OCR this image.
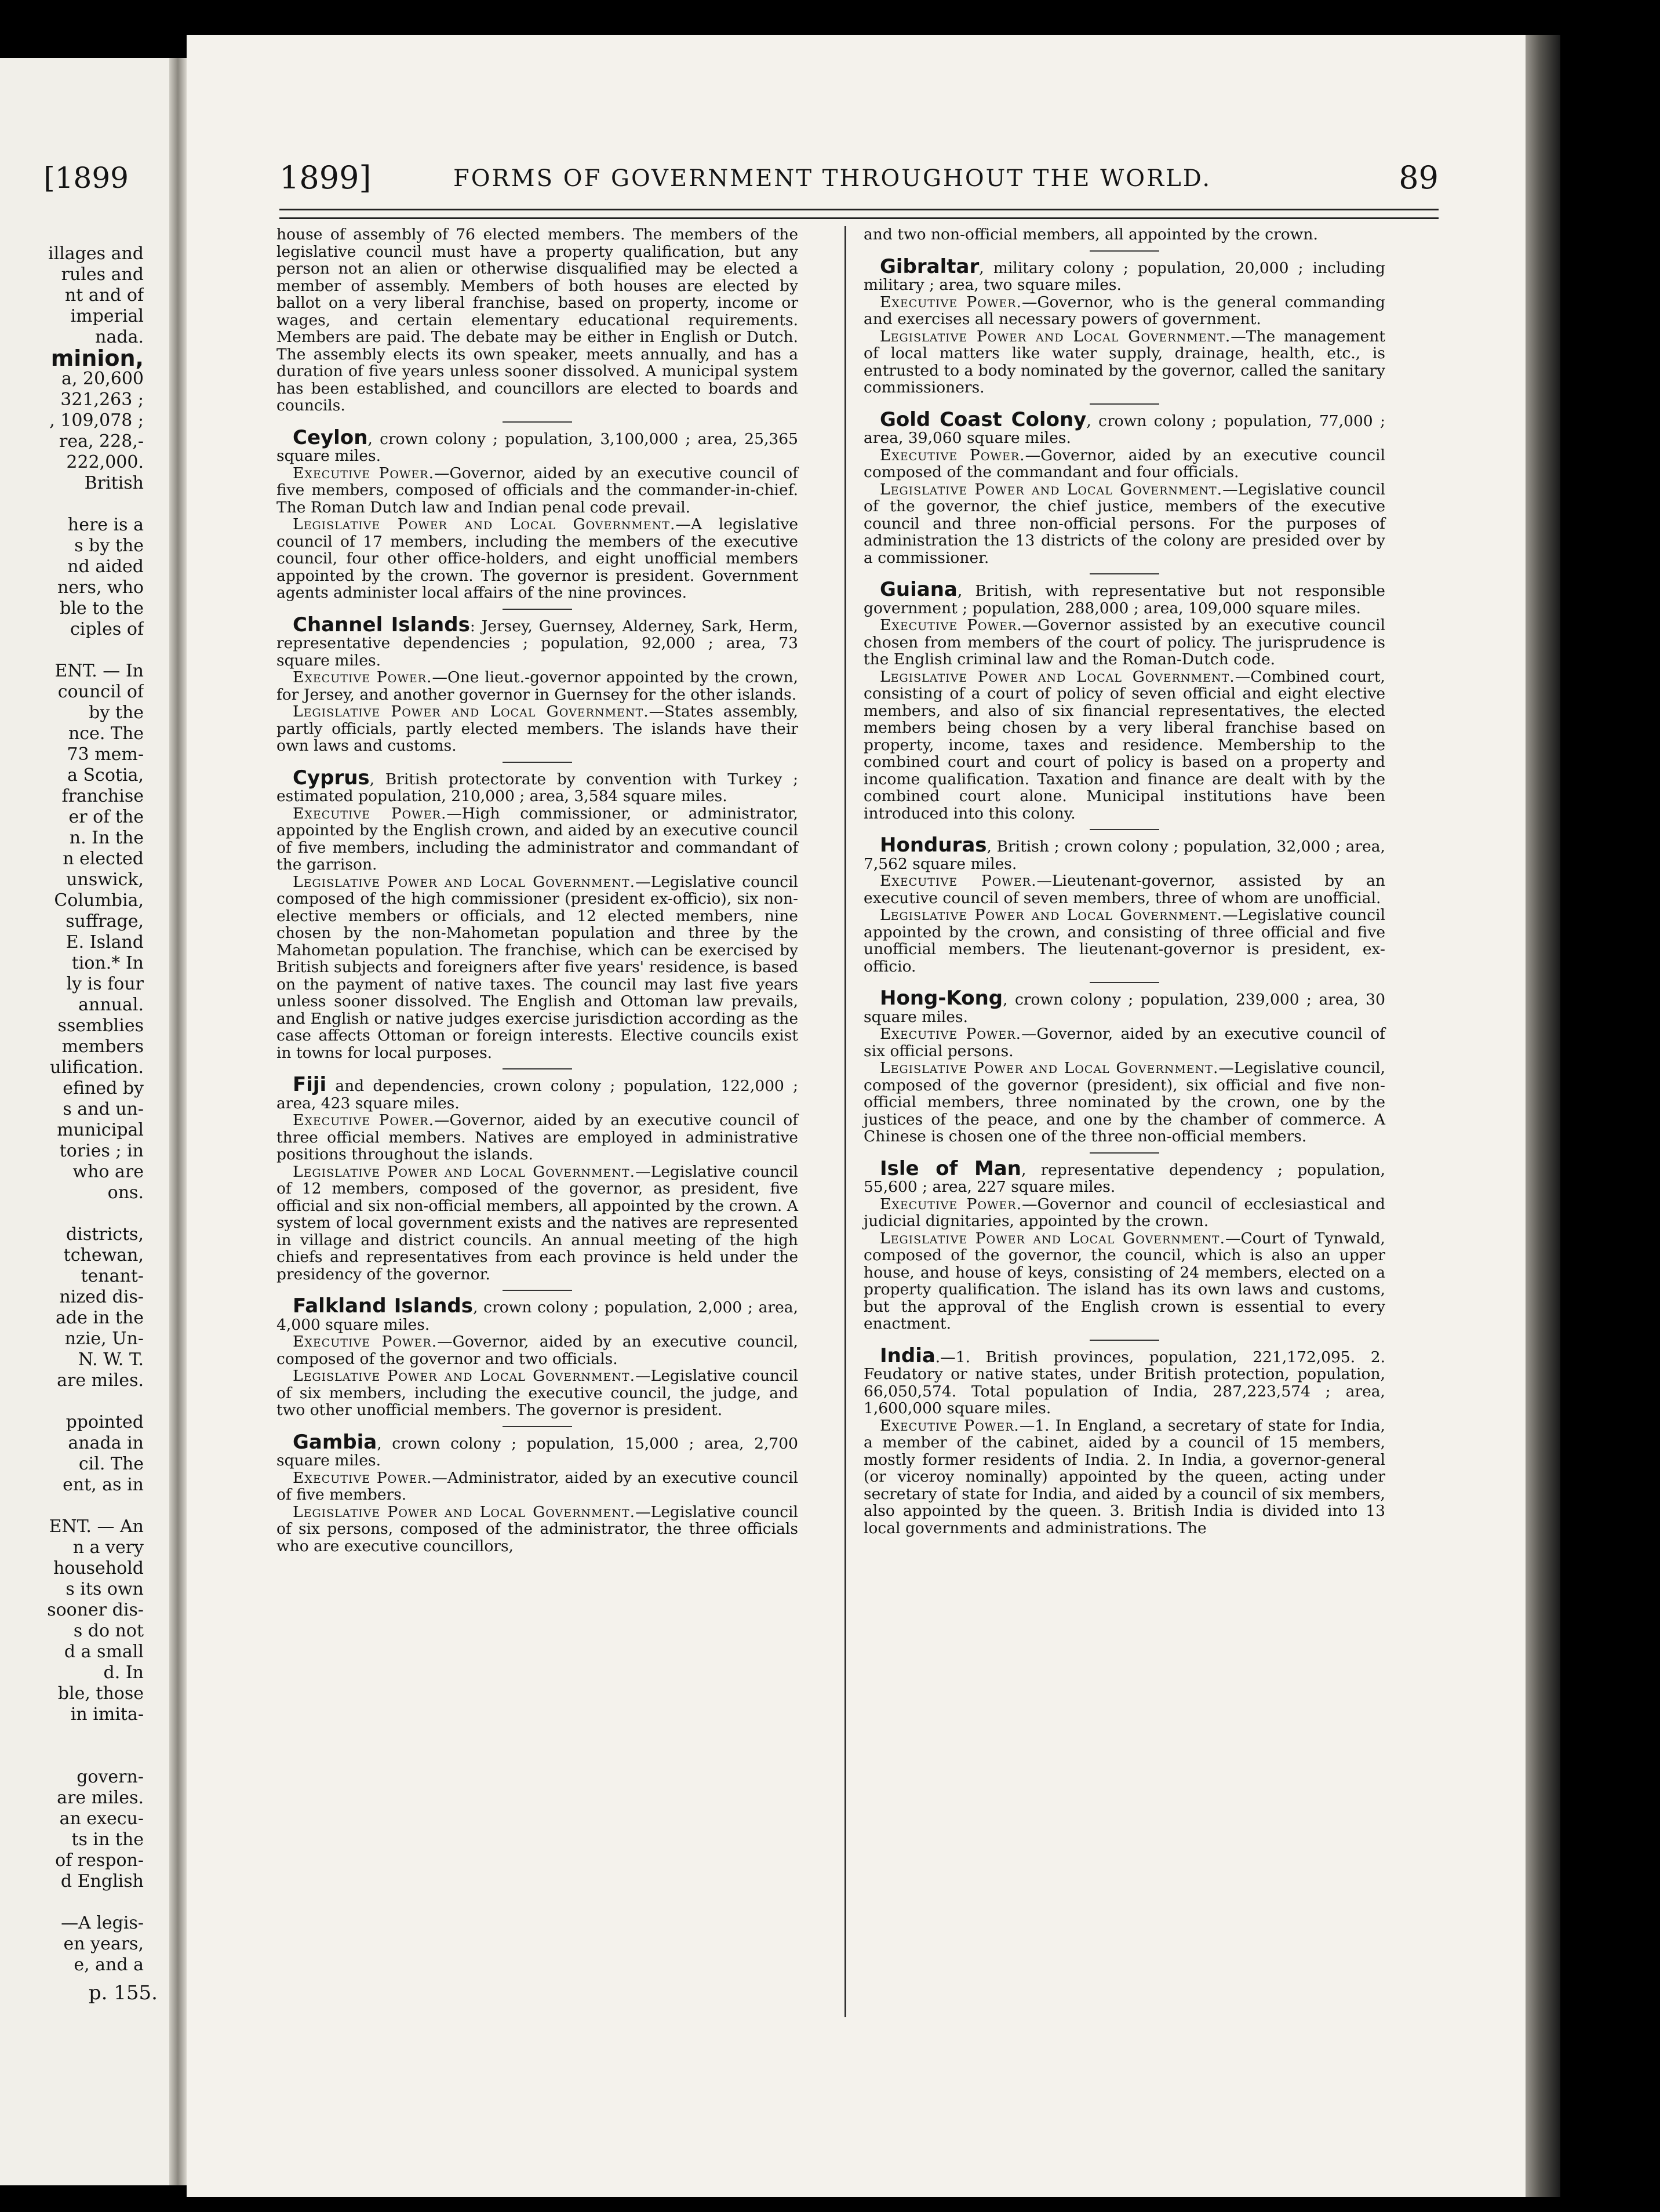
[1899
illages and
rules and
nt and of
imperial
nada.
minion,
a, 20,600
321,263 ;
, 109,078 ;
rea, 228,-
222,000.
British
here is a
s by the
nd aided
ners, who
ble to the
ciples of
ENT. — In
council of
by the
nce. The
73 mem-
a Scotia,
franchise
er of the
n. In the
n elected
unswick,
Columbia,
suffrage,
E. Island
tion.* In
ly is four
annual.
ssemblies
members
ulification.
efined by
s and un-
municipal
tories ; in
who are
ons.
districts,
tchewan,
tenant-
nized dis-
ade in the
nzie, Un-
N. W. T.
are miles.
ppointed
anada in
cil. The
ent, as in
ENT. — An
n a very
household
s its own
sooner dis-
s do not
d a small
d. In
ble, those
in imita-
govern-
are miles.
an execu-
ts in the
of respon-
d English
—A legis-
en years,
e, and a
p. 155.
1899]	FORMS OF GOVERNMENT THROUGHOUT THE WORLD.	89

house of assembly of 76 elected members. The members of the legislative council must have a property qualification, but any person not an alien or otherwise disqualified may be elected a member of assembly. Members of both houses are elected by ballot on a very liberal franchise, based on property, income or wages, and certain elementary educational requirements. Members are paid. The debate may be either in English or Dutch. The assembly elects its own speaker, meets annually, and has a duration of five years unless sooner dissolved. A municipal system has been established, and councillors are elected to boards and councils.

Ceylon, crown colony ; population, 3,100,000 ; area, 25,365 square miles.

Executive Power.—Governor, aided by an executive council of five members, composed of officials and the commander-in-chief. The Roman Dutch law and Indian penal code prevail.

Legislative Power and Local Government.—A legislative council of 17 members, including the members of the executive council, four other office-holders, and eight unofficial members appointed by the crown. The governor is president. Government agents administer local affairs of the nine provinces.

Channel Islands: Jersey, Guernsey, Alderney, Sark, Herm, representative dependencies ; population, 92,000 ; area, 73 square miles.

Executive Power.—One lieut.-governor appointed by the crown, for Jersey, and another governor in Guernsey for the other islands.

Legislative Power and Local Government.—States assembly, partly officials, partly elected members. The islands have their own laws and customs.

Cyprus, British protectorate by convention with Turkey ; estimated population, 210,000 ; area, 3,584 square miles.

Executive Power.—High commissioner, or administrator, appointed by the English crown, and aided by an executive council of five members, including the administrator and commandant of the garrison.

Legislative Power and Local Government.—Legislative council composed of the high commissioner (president ex-officio), six non-elective members or officials, and 12 elected members, nine chosen by the non-Mahometan population and three by the Mahometan population. The franchise, which can be exercised by British subjects and foreigners after five years' residence, is based on the payment of native taxes. The council may last five years unless sooner dissolved. The English and Ottoman law prevails, and English or native judges exercise jurisdiction according as the case affects Ottoman or foreign interests. Elective councils exist in towns for local purposes.

Fiji and dependencies, crown colony ; population, 122,000 ; area, 423 square miles.

Executive Power.—Governor, aided by an executive council of three official members. Natives are employed in administrative positions throughout the islands.

Legislative Power and Local Government.—Legislative council of 12 members, composed of the governor, as president, five official and six non-official members, all appointed by the crown. A system of local government exists and the natives are represented in village and district councils. An annual meeting of the high chiefs and representatives from each province is held under the presidency of the governor.

Falkland Islands, crown colony ; population, 2,000 ; area, 4,000 square miles.

Executive Power.—Governor, aided by an executive council, composed of the governor and two officials.

Legislative Power and Local Government.—Legislative council of six members, including the executive council, the judge, and two other unofficial members. The governor is president.

Gambia, crown colony ; population, 15,000 ; area, 2,700 square miles.

Executive Power.—Administrator, aided by an executive council of five members.

Legislative Power and Local Government.—Legislative council of six persons, composed of the administrator, the three officials who are executive councillors,

and two non-official members, all appointed by the crown.

Gibraltar, military colony ; population, 20,000 ; including military ; area, two square miles.

Executive Power.—Governor, who is the general commanding and exercises all necessary powers of government.

Legislative Power and Local Government.—The management of local matters like water supply, drainage, health, etc., is entrusted to a body nominated by the governor, called the sanitary commissioners.

Gold Coast Colony, crown colony ; population, 77,000 ; area, 39,060 square miles.

Executive Power.—Governor, aided by an executive council composed of the commandant and four officials.

Legislative Power and Local Government.—Legislative council of the governor, the chief justice, members of the executive council and three non-official persons. For the purposes of administration the 13 districts of the colony are presided over by a commissioner.

Guiana, British, with representative but not responsible government ; population, 288,000 ; area, 109,000 square miles.

Executive Power.—Governor assisted by an executive council chosen from members of the court of policy. The jurisprudence is the English criminal law and the Roman-Dutch code.

Legislative Power and Local Government.—Combined court, consisting of a court of policy of seven official and eight elective members, and also of six financial representatives, the elected members being chosen by a very liberal franchise based on property, income, taxes and residence. Membership to the combined court and court of policy is based on a property and income qualification. Taxation and finance are dealt with by the combined court alone. Municipal institutions have been introduced into this colony.

Honduras, British ; crown colony ; population, 32,000 ; area, 7,562 square miles.

Executive Power.—Lieutenant-governor, assisted by an executive council of seven members, three of whom are unofficial.

Legislative Power and Local Government.—Legislative council appointed by the crown, and consisting of three official and five unofficial members. The lieutenant-governor is president, ex-officio.

Hong-Kong, crown colony ; population, 239,000 ; area, 30 square miles.

Executive Power.—Governor, aided by an executive council of six official persons.

Legislative Power and Local Government.—Legislative council, composed of the governor (president), six official and five non-official members, three nominated by the crown, one by the justices of the peace, and one by the chamber of commerce. A Chinese is chosen one of the three non-official members.

Isle of Man, representative dependency ; population, 55,600 ; area, 227 square miles.

Executive Power.—Governor and council of ecclesiastical and judicial dignitaries, appointed by the crown.

Legislative Power and Local Government.—Court of Tynwald, composed of the governor, the council, which is also an upper house, and house of keys, consisting of 24 members, elected on a property qualification. The island has its own laws and customs, but the approval of the English crown is essential to every enactment.

India.—1. British provinces, population, 221,172,095. 2. Feudatory or native states, under British protection, population, 66,050,574. Total population of India, 287,223,574 ; area, 1,600,000 square miles.

Executive Power.—1. In England, a secretary of state for India, a member of the cabinet, aided by a council of 15 members, mostly former residents of India. 2. In India, a governor-general (or viceroy nominally) appointed by the queen, acting under secretary of state for India, and aided by a council of six members, also appointed by the queen. 3. British India is divided into 13 local governments and administrations. The
